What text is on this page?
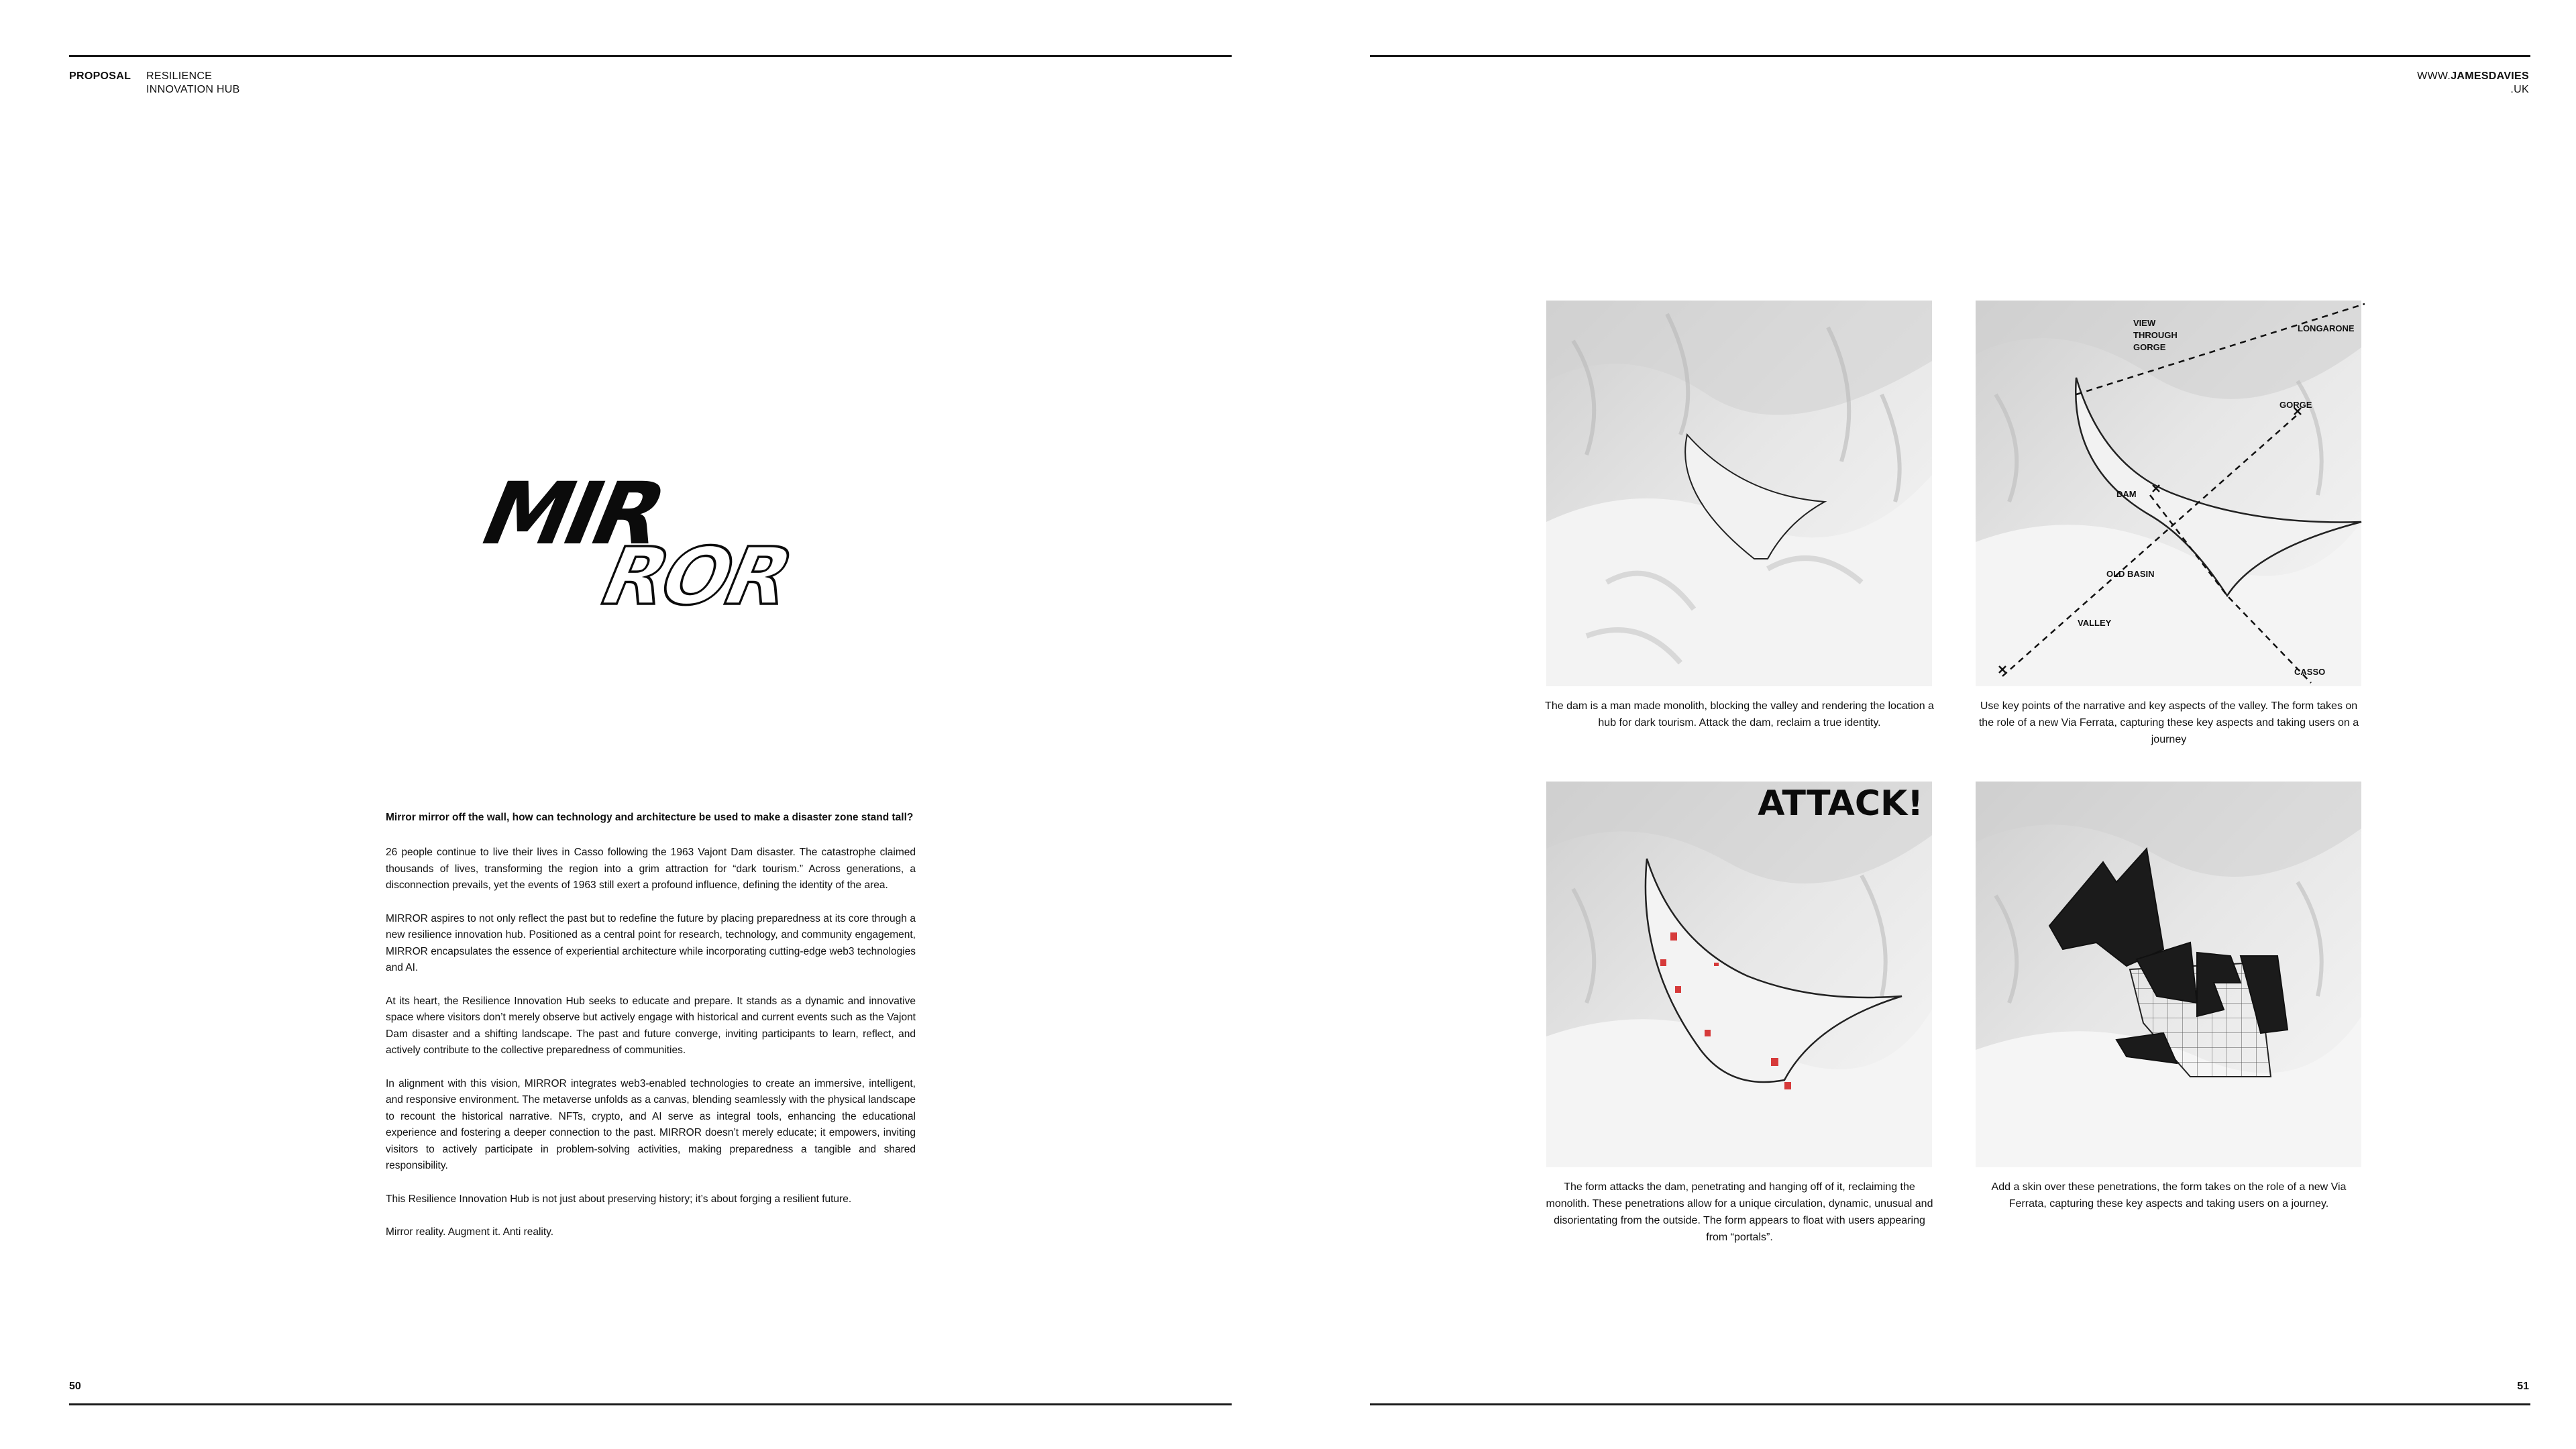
PROPOSAL RESILIENCE
INNOVATION HUB
WWW.JAMESDAVIES
.UK
MIR
ROR
Mirror mirror off the wall, how can technology and architecture be used to make a disaster zone stand tall?
26 people continue to live their lives in Casso following the 1963 Vajont Dam disaster. The catastrophe claimed thousands of lives, transforming the region into a grim attraction for “dark tourism.” Across generations, a disconnection prevails, yet the events of 1963 still exert a profound influence, defining the identity of the area.
MIRROR aspires to not only reflect the past but to redefine the future by placing preparedness at its core through a new resilience innovation hub. Positioned as a central point for research, technology, and community engagement, MIRROR encapsulates the essence of experiential architecture while incorporating cutting-edge web3 technologies and AI.
At its heart, the Resilience Innovation Hub seeks to educate and prepare. It stands as a dynamic and innovative space where visitors don’t merely observe but actively engage with historical and current events such as the Vajont Dam disaster and a shifting landscape. The past and future converge, inviting participants to learn, reflect, and actively contribute to the collective preparedness of communities.
In alignment with this vision, MIRROR integrates web3-enabled technologies to create an immersive, intelligent, and responsive environment. The metaverse unfolds as a canvas, blending seamlessly with the physical landscape to recount the historical narrative. NFTs, crypto, and AI serve as integral tools, enhancing the educational experience and fostering a deeper connection to the past. MIRROR doesn’t merely educate; it empowers, inviting visitors to actively participate in problem-solving activities, making preparedness a tangible and shared responsibility.
This Resilience Innovation Hub is not just about preserving history; it’s about forging a resilient future.
Mirror reality. Augment it. Anti reality.
The dam is a man made monolith, blocking the valley and rendering the location a hub for dark tourism. Attack the dam, reclaim a true identity.
VIEW
THROUGH
GORGE
LONGARONE
GORGE
DAM
OLD BASIN
VALLEY
CASSO
Use key points of the narrative and key aspects of the valley. The form takes on the role of a new Via Ferrata, capturing these key aspects and taking users on a journey
ATTACK!
The form attacks the dam, penetrating and hanging off of it, reclaiming the monolith. These penetrations allow for a unique circulation, dynamic, unusual and disorientating from the outside. The form appears to float with users appearing from “portals”.
Add a skin over these penetrations, the form takes on the role of a new Via Ferrata, capturing these key aspects and taking users on a journey.
50	51
